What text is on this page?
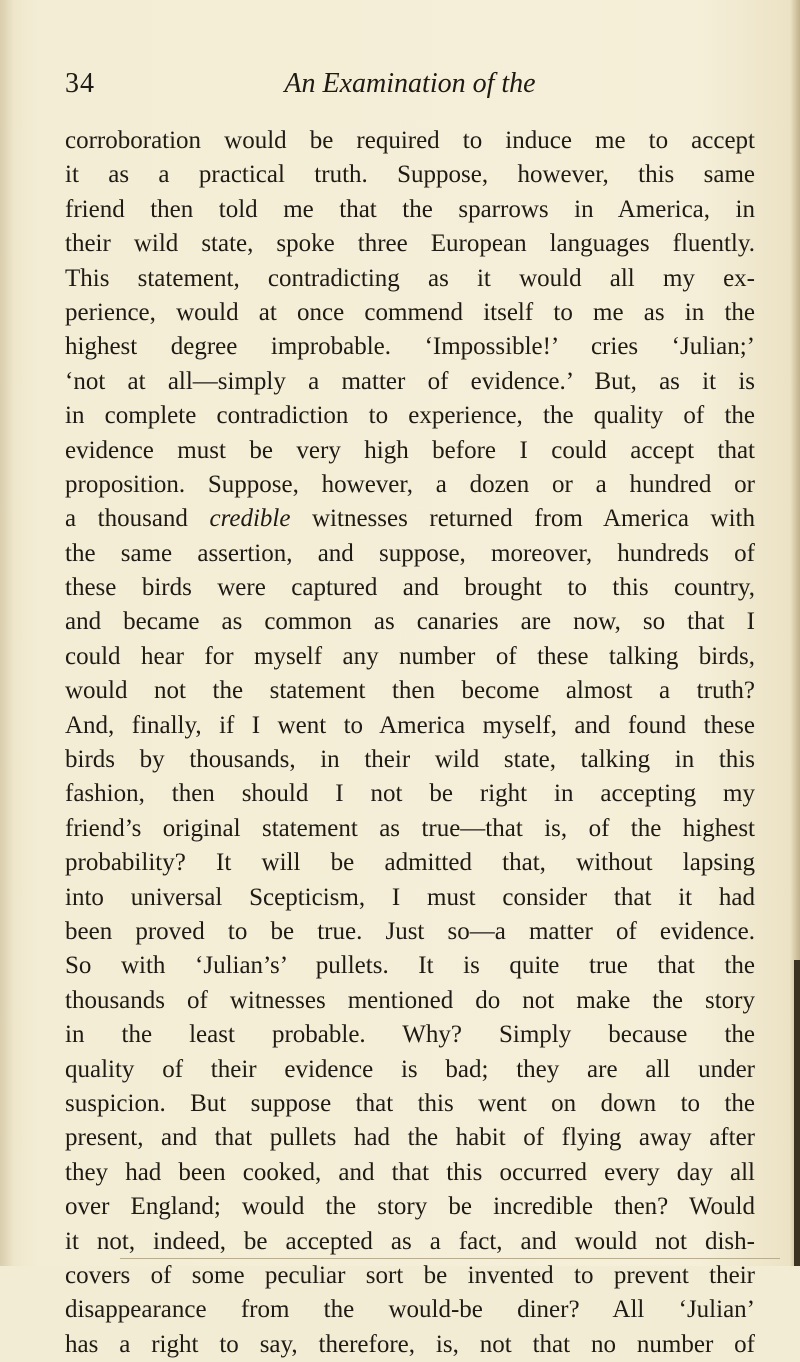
34	An Examination of the
corroboration would be required to induce me to accept
it as a practical truth. Suppose, however, this same
friend then told me that the sparrows in America, in
their wild state, spoke three European languages fluently.
This statement, contradicting as it would all my ex-
perience, would at once commend itself to me as in the
highest degree improbable. ‘Impossible!’ cries ‘Julian;’
‘not at all—simply a matter of evidence.’ But, as it is
in complete contradiction to experience, the quality of the
evidence must be very high before I could accept that
proposition. Suppose, however, a dozen or a hundred or
a thousand credible witnesses returned from America with
the same assertion, and suppose, moreover, hundreds of
these birds were captured and brought to this country,
and became as common as canaries are now, so that I
could hear for myself any number of these talking birds,
would not the statement then become almost a truth?
And, finally, if I went to America myself, and found these
birds by thousands, in their wild state, talking in this
fashion, then should I not be right in accepting my
friend’s original statement as true—that is, of the highest
probability? It will be admitted that, without lapsing
into universal Scepticism, I must consider that it had
been proved to be true. Just so—a matter of evidence.
So with ‘Julian’s’ pullets. It is quite true that the
thousands of witnesses mentioned do not make the story
in the least probable. Why? Simply because the
quality of their evidence is bad; they are all under
suspicion. But suppose that this went on down to the
present, and that pullets had the habit of flying away after
they had been cooked, and that this occurred every day all
over England; would the story be incredible then? Would
it not, indeed, be accepted as a fact, and would not dish-
covers of some peculiar sort be invented to prevent their
disappearance from the would-be diner? All ‘Julian’
has a right to say, therefore, is, not that no number of
